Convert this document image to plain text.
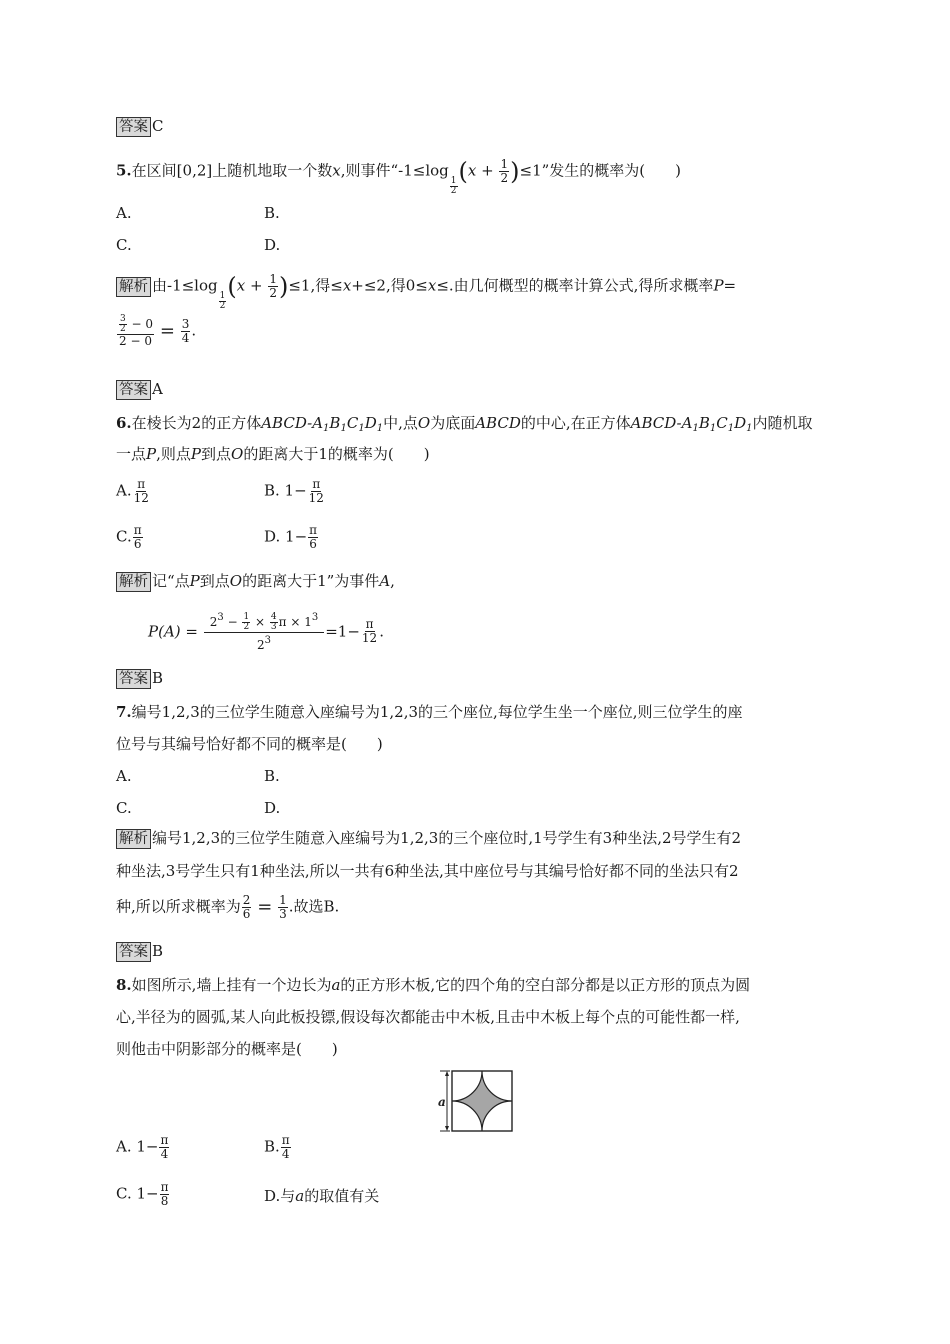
答案 C
5.在区间[0,2]上随机地取一个数x,则事件“-1≤log
$\frac{1}{2}$
$(x + \frac{1}{2} )\le 1$”发生的概率为(　　)
A.	B.
C.	D.
解析 由-1≤log
$\frac{1}{2}$
$(x + \frac{1}{2} )\le 1$,得≤x+≤2,得0≤x≤.由几何概型的概率计算公式,得所求概率P=
$\frac{\frac{3}{2} - 0}{2 - 0} = \frac{3}{4}$ .
答案 A
6.在棱长为2的正方体ABCD-$A_1B_1C_1D_1$中,点O为底面ABCD的中心,在正方体ABCD-$A_1B_1C_1D_1$内随机取
一点P,则点P到点O的距离大于1的概率为(　　)
A. $\frac{\pi}{12}$	B. $1- \frac{\pi}{12}$
C. $\frac{\pi}{6}$	D. $1- \frac{\pi}{6}$
解析 记“点P到点O的距离大于1”为事件A,
$P(A) = \frac{2^3 - \frac{1}{2} \times \frac{4}{3} \pi \times 1^3}{2^3} =1- \frac{\pi}{12}$ .
答案 B
7.编号1,2,3的三位学生随意入座编号为1,2,3的三个座位,每位学生坐一个座位,则三位学生的座
位号与其编号恰好都不同的概率是(　　)
A.	B.
C.	D.
解析 编号1,2,3的三位学生随意入座编号为1,2,3的三个座位时,1号学生有3种坐法,2号学生有2
种坐法,3号学生只有1种坐法,所以一共有6种坐法,其中座位号与其编号恰好都不同的坐法只有2
种,所以所求概率为 $\frac{2}{6} = \frac{1}{3}$ .故选B.
答案 B
8.如图所示,墙上挂有一个边长为a的正方形木板,它的四个角的空白部分都是以正方形的顶点为圆
心,半径为的圆弧,某人向此板投镖,假设每次都能击中木板,且击中木板上每个点的可能性都一样,
则他击中阴影部分的概率是(　　)
a
A. $1- \frac{\pi}{4}$	B. $\frac{\pi}{4}$
C. $1- \frac{\pi}{8}$	D.与a的取值有关
